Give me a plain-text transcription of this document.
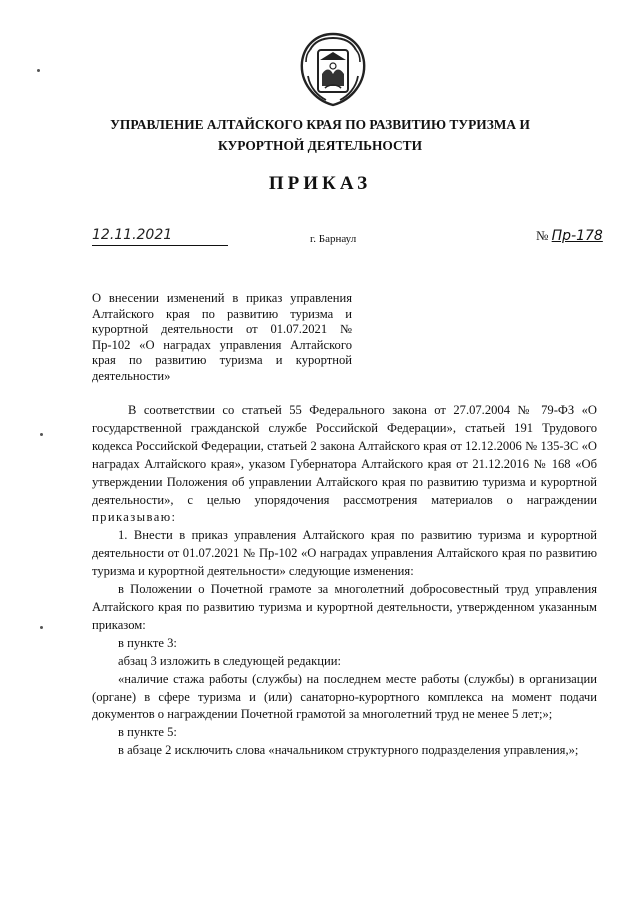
УПРАВЛЕНИЕ АЛТАЙСКОГО КРАЯ ПО РАЗВИТИЮ ТУРИЗМА И КУРОРТНОЙ ДЕЯТЕЛЬНОСТИ
ПРИКАЗ
12.11.2021	г. Барнаул	№ Пр-178

О внесении изменений в приказ управления Алтайского края по развитию туризма и курортной деятельности от 01.07.2021 № Пр-102 «О наградах управления Алтайского края по развитию туризма и курортной деятельности»

В соответствии со статьей 55 Федерального закона от 27.07.2004 № 79-ФЗ «О государственной гражданской службе Российской Федерации», статьей 191 Трудового кодекса Российской Федерации, статьей 2 закона Алтайского края от 12.12.2006 № 135-ЗС «О наградах Алтайского края», указом Губернатора Алтайского края от 21.12.2016 № 168 «Об утверждении Положения об управлении Алтайского края по развитию туризма и курортной деятельности», с целью упорядочения рассмотрения материалов о награждении приказываю:

1. Внести в приказ управления Алтайского края по развитию туризма и курортной деятельности от 01.07.2021 № Пр-102 «О наградах управления Алтайского края по развитию туризма и курортной деятельности» следующие изменения:

в Положении о Почетной грамоте за многолетний добросовестный труд управления Алтайского края по развитию туризма и курортной деятельности, утвержденном указанным приказом:

в пункте 3:

абзац 3 изложить в следующей редакции:

«наличие стажа работы (службы) на последнем месте работы (службы) в организации (органе) в сфере туризма и (или) санаторно-курортного комплекса на момент подачи документов о награждении Почетной грамотой за многолетний труд не менее 5 лет;»;

в пункте 5:

в абзаце 2 исключить слова «начальником структурного подразделения управления,»;
